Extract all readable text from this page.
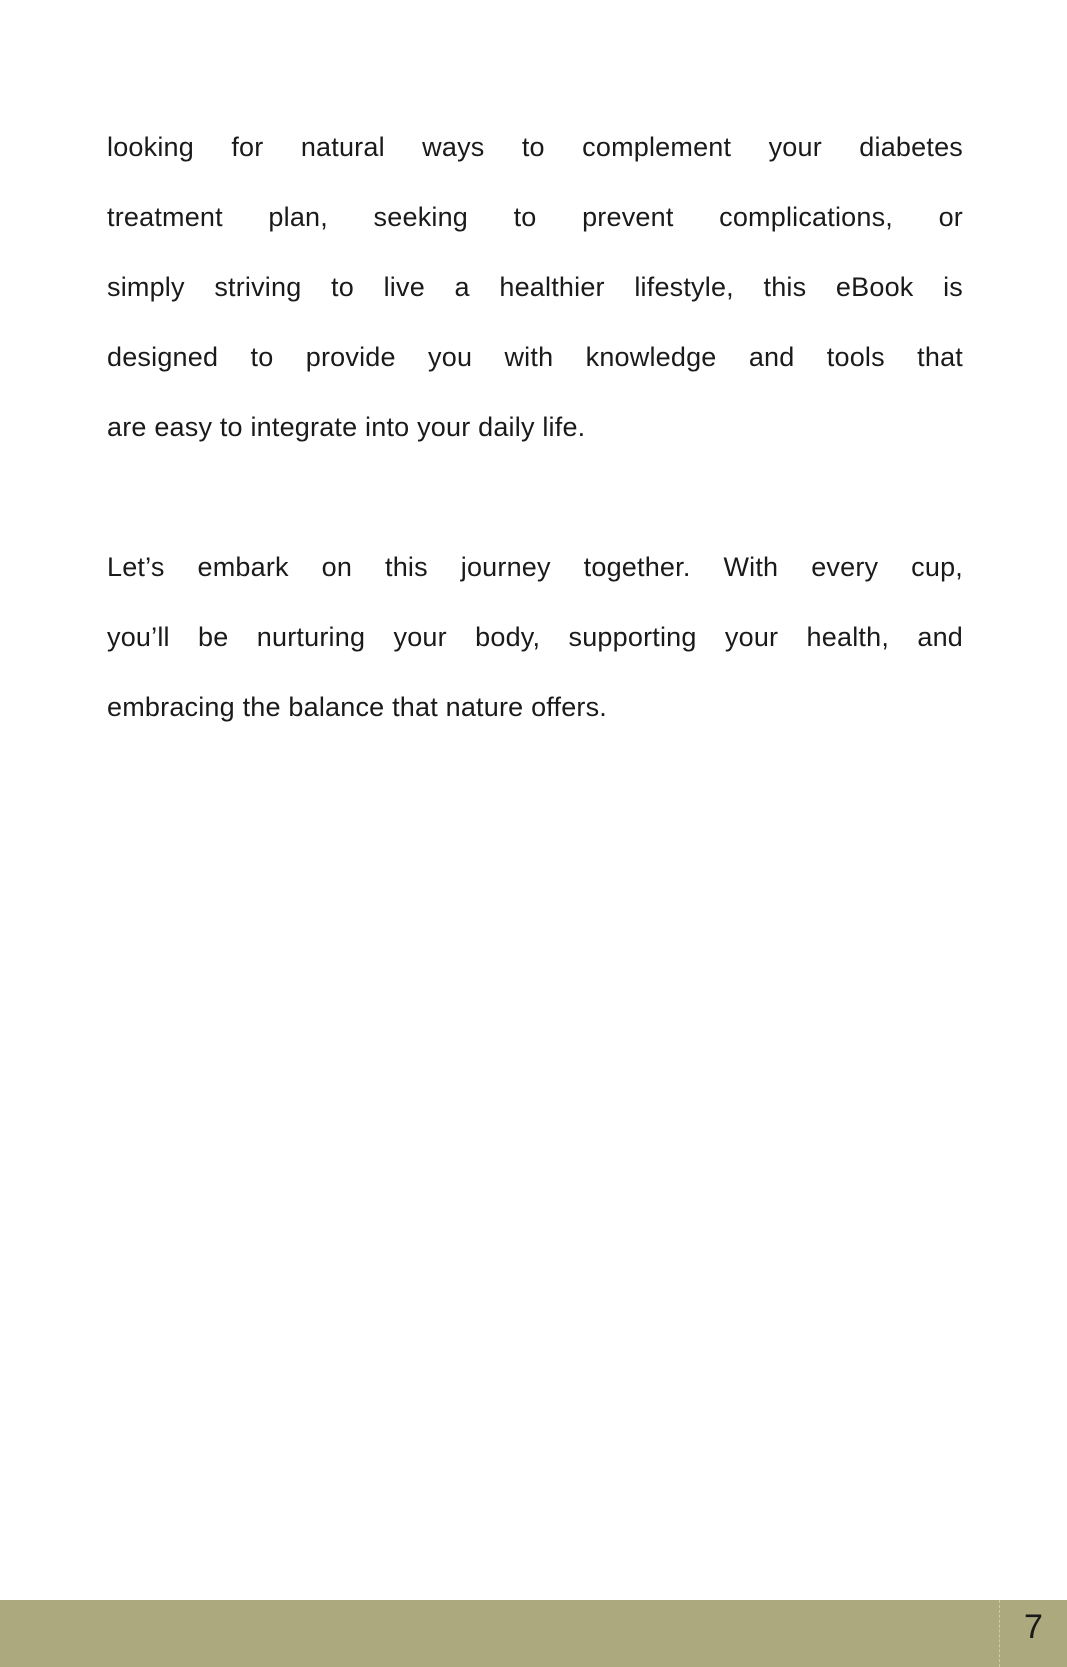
looking for natural ways to complement your diabetes
treatment plan, seeking to prevent complications, or
simply striving to live a healthier lifestyle, this eBook is
designed to provide you with knowledge and tools that
are easy to integrate into your daily life.
Let’s embark on this journey together. With every cup,
you’ll be nurturing your body, supporting your health, and
embracing the balance that nature offers.
7
